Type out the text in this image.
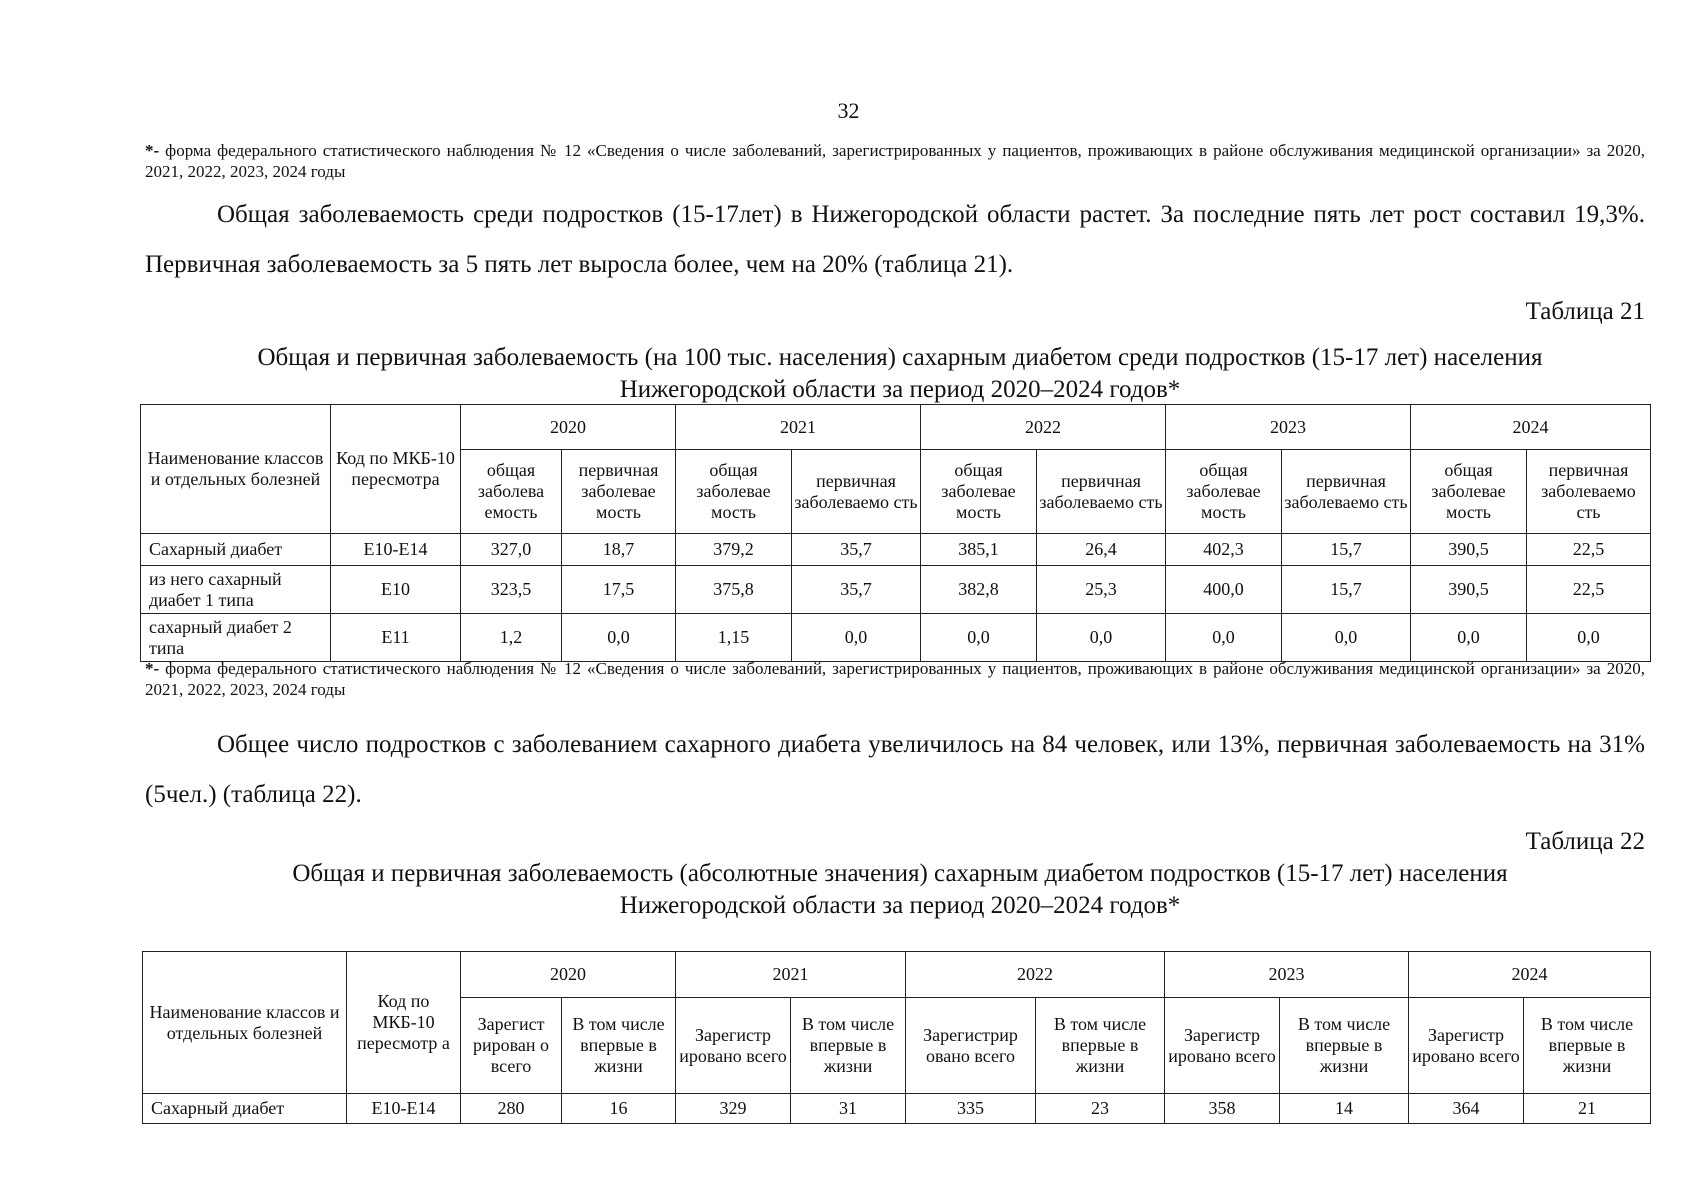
32
*- форма федерального статистического наблюдения № 12 «Сведения о числе заболеваний, зарегистрированных у пациентов, проживающих в районе обслуживания медицинской организации» за 2020, 2021, 2022, 2023, 2024 годы
Общая заболеваемость среди подростков (15-17лет) в Нижегородской области растет. За последние пять лет рост составил 19,3%. Первичная заболеваемость за 5 пять лет выросла более, чем на 20% (таблица 21).
Таблица 21
Общая и первичная заболеваемость (на 100 тыс. населения) сахарным диабетом среди подростков (15-17 лет) населения
Нижегородской области за период 2020–2024 годов*
Наименование классов и отдельных болезней	Код по МКБ-10 пересмотра	2020		2021		2022		2023		2024	
		общая заболева емость	первичная заболевае мость	общая заболевае мость	первичная заболеваемо сть	общая заболевае мость	первичная заболеваемо сть	общая заболевае мость	первичная заболеваемо сть	общая заболевае мость	первичная заболеваемо сть
Сахарный диабет	Е10-Е14	327,0	18,7	379,2	35,7	385,1	26,4	402,3	15,7	390,5	22,5
из него сахарный диабет 1 типа	Е10	323,5	17,5	375,8	35,7	382,8	25,3	400,0	15,7	390,5	22,5
сахарный диабет 2 типа	Е11	1,2	0,0	1,15	0,0	0,0	0,0	0,0	0,0	0,0	0,0
*- форма федерального статистического наблюдения № 12 «Сведения о числе заболеваний, зарегистрированных у пациентов, проживающих в районе обслуживания медицинской организации» за 2020, 2021, 2022, 2023, 2024 годы
Общее число подростков с заболеванием сахарного диабета увеличилось на 84 человек, или 13%, первичная заболеваемость на 31% (5чел.) (таблица 22).
Таблица 22
Общая и первичная заболеваемость (абсолютные значения) сахарным диабетом подростков (15-17 лет) населения
Нижегородской области за период 2020–2024 годов*
Наименование классов и отдельных болезней	Код по МКБ-10 пересмотр а	2020		2021		2022		2023		2024	
		Зарегист рирован о всего	В том числе впервые в жизни	Зарегистр ировано всего	В том числе впервые в жизни	Зарегистрир овано всего	В том числе впервые в жизни	Зарегистр ировано всего	В том числе впервые в жизни	Зарегистр ировано всего	В том числе впервые в жизни
Сахарный диабет	Е10-Е14	280	16	329	31	335	23	358	14	364	21
